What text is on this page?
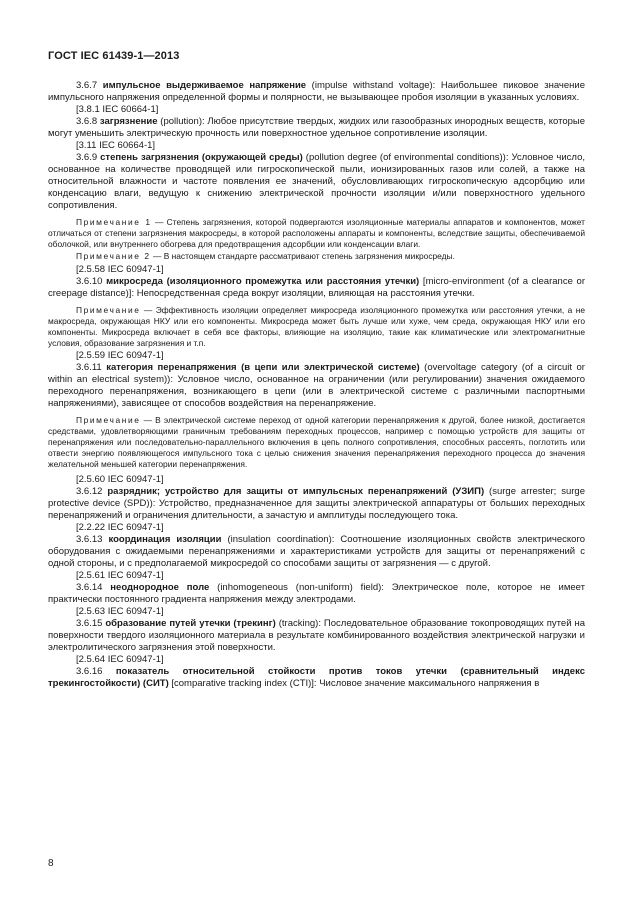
ГОСТ IEC 61439-1—2013

3.6.7 импульсное выдерживаемое напряжение (impulse withstand voltage): Наибольшее пиковое значение импульсного напряжения определенной формы и полярности, не вызывающее пробоя изоляции в указанных условиях.

[3.8.1 IEC 60664-1]

3.6.8 загрязнение (pollution): Любое присутствие твердых, жидких или газообразных инородных веществ, которые могут уменьшить электрическую прочность или поверхностное удельное сопротивление изоляции.

[3.11 IEC 60664-1]

3.6.9 степень загрязнения (окружающей среды) (pollution degree (of environmental conditions)): Условное число, основанное на количестве проводящей или гигроскопической пыли, ионизированных газов или солей, а также на относительной влажности и частоте появления ее значений, обусловливающих гигроскопическую адсорбцию или конденсацию влаги, ведущую к снижению электрической прочности изоляции и/или поверхностного удельного сопротивления.

Примечание 1 — Степень загрязнения, которой подвергаются изоляционные материалы аппаратов и компонентов, может отличаться от степени загрязнения макросреды, в которой расположены аппараты и компоненты, вследствие защиты, обеспечиваемой оболочкой, или внутреннего обогрева для предотвращения адсорбции или конденсации влаги.

Примечание 2 — В настоящем стандарте рассматривают степень загрязнения микросреды.

[2.5.58 IEC 60947-1]

3.6.10 микросреда (изоляционного промежутка или расстояния утечки) [micro-environment (of a clearance or creepage distance)]: Непосредственная среда вокруг изоляции, влияющая на расстояния утечки.

Примечание — Эффективность изоляции определяет микросреда изоляционного промежутка или расстояния утечки, а не макросреда, окружающая НКУ или его компоненты. Микросреда может быть лучше или хуже, чем среда, окружающая НКУ или его компоненты. Микросреда включает в себя все факторы, влияющие на изоляцию, такие как климатические или электромагнитные условия, образование загрязнения и т.п.

[2.5.59 IEC 60947-1]

3.6.11 категория перенапряжения (в цепи или электрической системе) (overvoltage category (of a circuit or within an electrical system)): Условное число, основанное на ограничении (или регулировании) значения ожидаемого переходного перенапряжения, возникающего в цепи (или в электрической системе с различными паспортными напряжениями), зависящее от способов воздействия на перенапряжение.

Примечание — В электрической системе переход от одной категории перенапряжения к другой, более низкой, достигается средствами, удовлетворяющими граничным требованиям переходных процессов, например с помощью устройств для защиты от перенапряжения или последовательно-параллельного включения в цепь полного сопротивления, способных рассеять, поглотить или отвести энергию появляющегося импульсного тока с целью снижения значения перенапряжения переходного процесса до значения желательной меньшей категории перенапряжения.

[2.5.60 IEC 60947-1]

3.6.12 разрядник; устройство для защиты от импульсных перенапряжений (УЗИП) (surge arrester; surge protective device (SPD)): Устройство, предназначенное для защиты электрической аппаратуры от больших переходных перенапряжений и ограничения длительности, а зачастую и амплитуды последующего тока.

[2.2.22 IEC 60947-1]

3.6.13 координация изоляции (insulation coordination): Соотношение изоляционных свойств электрического оборудования с ожидаемыми перенапряжениями и характеристиками устройств для защиты от перенапряжений с одной стороны, и с предполагаемой микросредой со способами защиты от загрязнения — с другой.

[2.5.61 IEC 60947-1]

3.6.14 неоднородное поле (inhomogeneous (non-uniform) field): Электрическое поле, которое не имеет практически постоянного градиента напряжения между электродами.

[2.5.63 IEC 60947-1]

3.6.15 образование путей утечки (трекинг) (tracking): Последовательное образование токопроводящих путей на поверхности твердого изоляционного материала в результате комбинированного воздействия электрической нагрузки и электролитического загрязнения этой поверхности.

[2.5.64 IEC 60947-1]

3.6.16 показатель относительной стойкости против токов утечки (сравнительный индекс трекингостойкости) (СИТ) [comparative tracking index (CTI)]: Числовое значение максимального напряжения в

8
